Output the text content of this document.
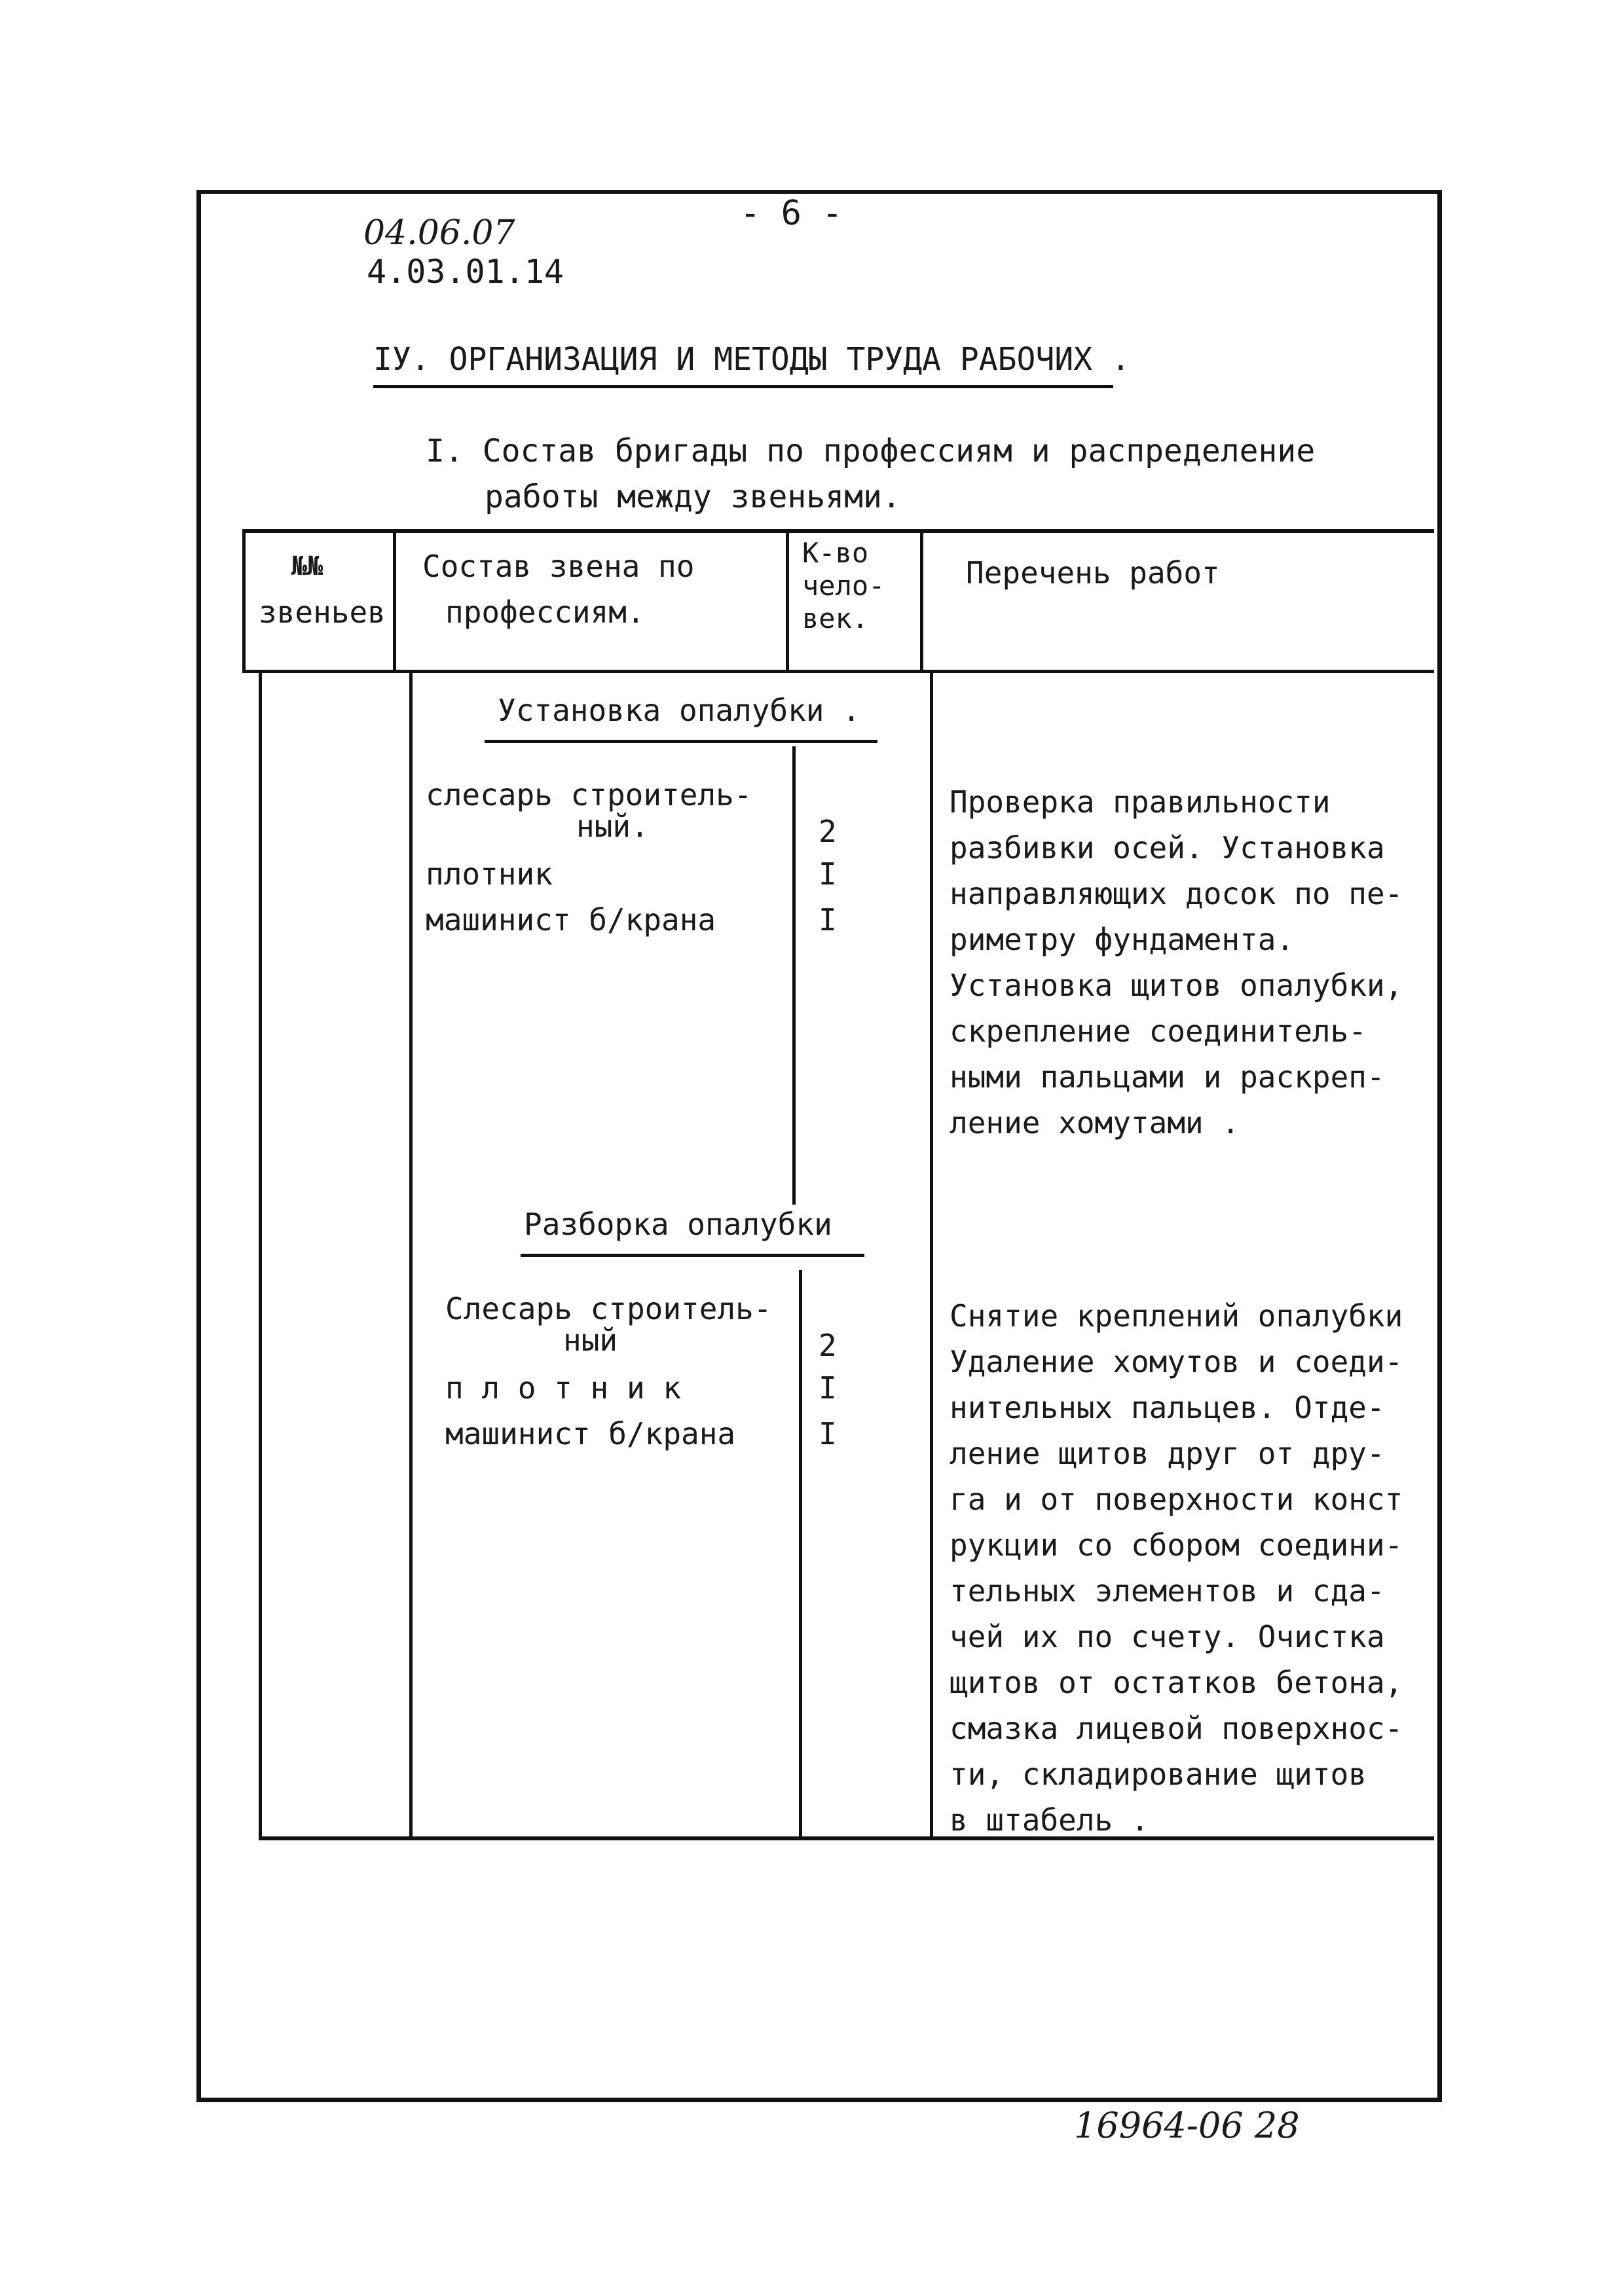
- 6 -
04.06.07
4.03.01.14
IУ. ОРГАНИЗАЦИЯ И МЕТОДЫ ТРУДА РАБОЧИХ .
I. Состав бригады по профессиям и распределение
работы между звеньями.
№№
звеньев
Состав звена по
профессиям.
К-во
чело-
век.
Перечень работ
Установка опалубки .
слесарь строитель-
ный.
плотник
машинист б/крана
2
I
I
Проверка правильности
разбивки осей. Установка
направляющих досок по пе-
риметру фундамента.
Установка щитов опалубки,
скрепление соединитель-
ными пальцами и раскреп-
ление хомутами .
Разборка опалубки
Слесарь строитель-
ный
п л о т н и к
машинист б/крана
2
I
I
Снятие креплений опалубки
Удаление хомутов и соеди-
нительных пальцев. Отде-
ление щитов друг от дру-
га и от поверхности конст
рукции со сбором соедини-
тельных элементов и сда-
чей их по счету. Очистка
щитов от остатков бетона,
смазка лицевой поверхнос-
ти, складирование щитов
в штабель .
16964-06 28
